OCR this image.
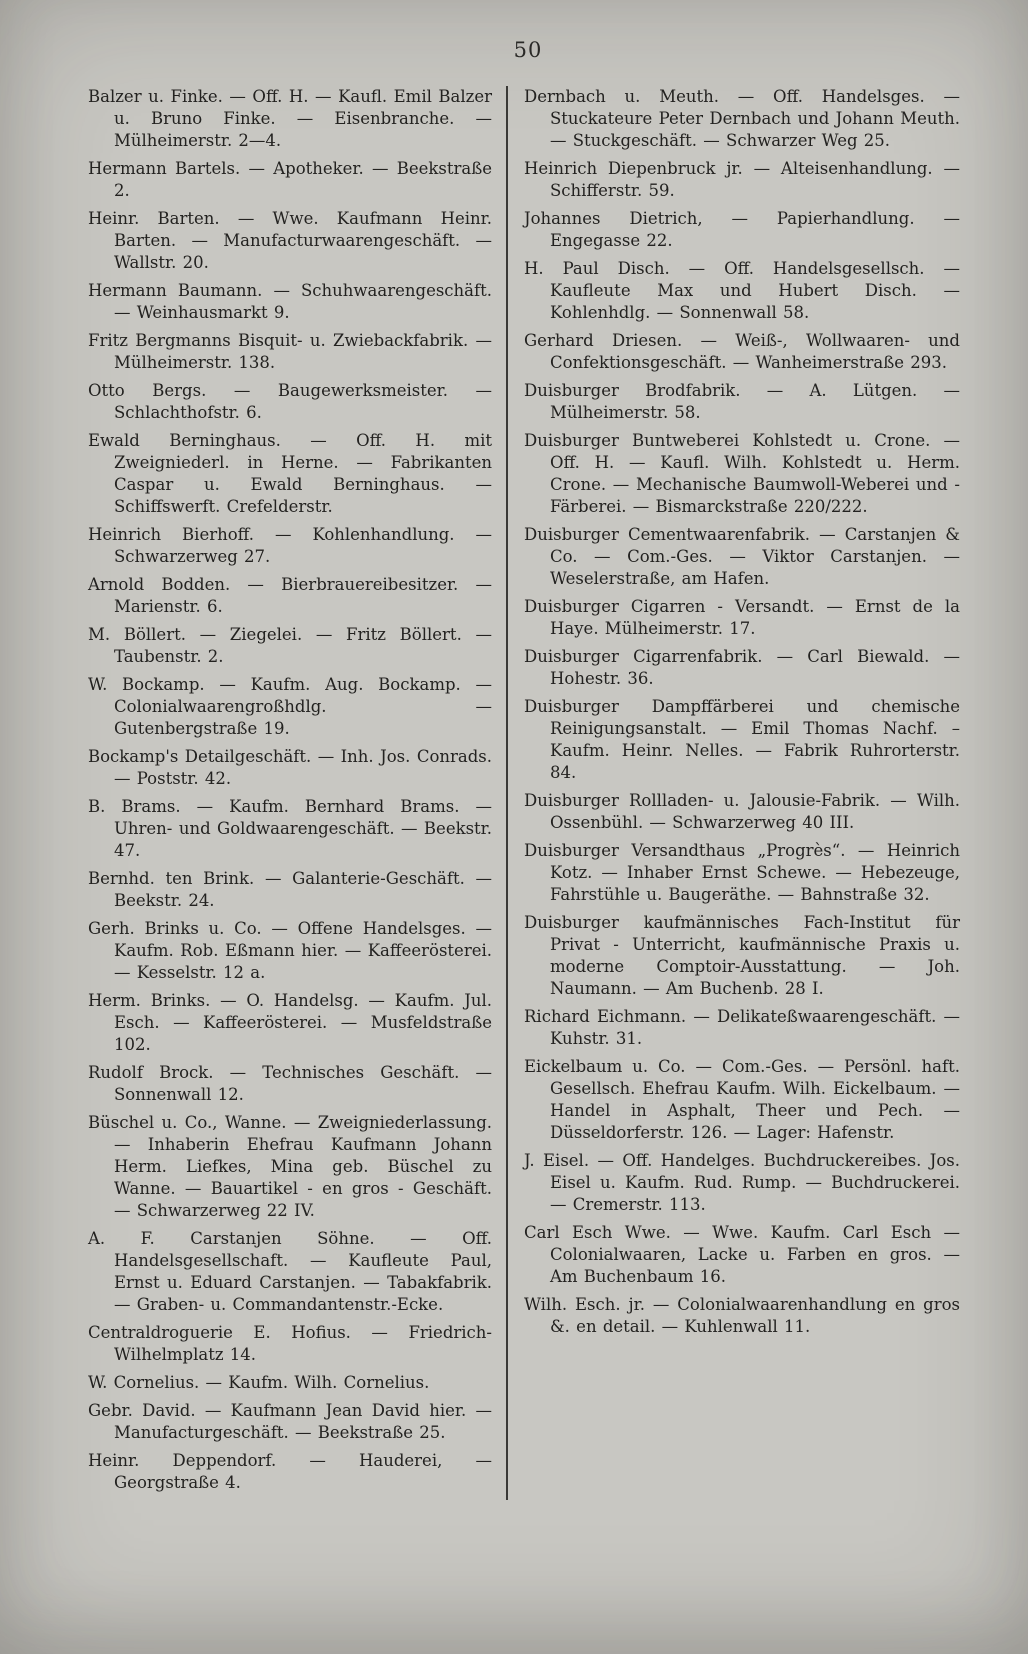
50

Balzer u. Finke. — Off. H. — Kaufl. Emil Balzer u. Bruno Finke. — Eisenbranche. — Mülheimerstr. 2—4.

Hermann Bartels. — Apotheker. — Beekstraße 2.

Heinr. Barten. — Wwe. Kaufmann Heinr. Barten. — Manufacturwaarengeschäft. — Wallstr. 20.

Hermann Baumann. — Schuhwaarengeschäft. — Weinhausmarkt 9.

Fritz Bergmanns Bisquit- u. Zwiebackfabrik. — Mülheimerstr. 138.

Otto Bergs. — Baugewerksmeister. — Schlachthofstr. 6.

Ewald Berninghaus. — Off. H. mit Zweigniederl. in Herne. — Fabrikanten Caspar u. Ewald Berninghaus. — Schiffswerft. Crefelderstr.

Heinrich Bierhoff. — Kohlenhandlung. — Schwarzerweg 27.

Arnold Bodden. — Bierbrauereibesitzer. — Marienstr. 6.

M. Böllert. — Ziegelei. — Fritz Böllert. — Taubenstr. 2.

W. Bockamp. — Kaufm. Aug. Bockamp. — Colonialwaarengroßhdlg. — Gutenbergstraße 19.

Bockamp's Detailgeschäft. — Inh. Jos. Conrads. — Poststr. 42.

B. Brams. — Kaufm. Bernhard Brams. — Uhren- und Goldwaarengeschäft. — Beekstr. 47.

Bernhd. ten Brink. — Galanterie-Geschäft. — Beekstr. 24.

Gerh. Brinks u. Co. — Offene Handelsges. — Kaufm. Rob. Eßmann hier. — Kaffeerösterei. — Kesselstr. 12 a.

Herm. Brinks. — O. Handelsg. — Kaufm. Jul. Esch. — Kaffeerösterei. — Musfeldstraße 102.

Rudolf Brock. — Technisches Geschäft. — Sonnenwall 12.

Büschel u. Co., Wanne. — Zweigniederlassung. — Inhaberin Ehefrau Kaufmann Johann Herm. Liefkes, Mina geb. Büschel zu Wanne. — Bauartikel - en gros - Geschäft. — Schwarzerweg 22 IV.

A. F. Carstanjen Söhne. — Off. Handelsgesellschaft. — Kaufleute Paul, Ernst u. Eduard Carstanjen. — Tabakfabrik. — Graben- u. Commandantenstr.-Ecke.

Centraldroguerie E. Hofius. — Friedrich-Wilhelmplatz 14.

W. Cornelius. — Kaufm. Wilh. Cornelius.

Gebr. David. — Kaufmann Jean David hier. — Manufacturgeschäft. — Beekstraße 25.

Heinr. Deppendorf. — Hauderei, — Georgstraße 4.

Dernbach u. Meuth. — Off. Handelsges. — Stuckateure Peter Dernbach und Johann Meuth. — Stuckgeschäft. — Schwarzer Weg 25.

Heinrich Diepenbruck jr. — Alteisenhandlung. — Schifferstr. 59.

Johannes Dietrich, — Papierhandlung. — Engegasse 22.

H. Paul Disch. — Off. Handelsgesellsch. — Kaufleute Max und Hubert Disch. — Kohlenhdlg. — Sonnenwall 58.

Gerhard Driesen. — Weiß-, Wollwaaren- und Confektionsgeschäft. — Wanheimerstraße 293.

Duisburger Brodfabrik. — A. Lütgen. — Mülheimerstr. 58.

Duisburger Buntweberei Kohlstedt u. Crone. — Off. H. — Kaufl. Wilh. Kohlstedt u. Herm. Crone. — Mechanische Baumwoll-Weberei und -Färberei. — Bismarckstraße 220/222.

Duisburger Cementwaarenfabrik. — Carstanjen & Co. — Com.-Ges. — Viktor Carstanjen. — Weselerstraße, am Hafen.

Duisburger Cigarren - Versandt. — Ernst de la Haye. Mülheimerstr. 17.

Duisburger Cigarrenfabrik. — Carl Biewald. — Hohestr. 36.

Duisburger Dampffärberei und chemische Reinigungsanstalt. — Emil Thomas Nachf. – Kaufm. Heinr. Nelles. — Fabrik Ruhrorterstr. 84.

Duisburger Rollladen- u. Jalousie-Fabrik. — Wilh. Ossenbühl. — Schwarzerweg 40 III.

Duisburger Versandthaus „Progrès“. — Heinrich Kotz. — Inhaber Ernst Schewe. — Hebezeuge, Fahrstühle u. Baugeräthe. — Bahnstraße 32.

Duisburger kaufmännisches Fach-Institut für Privat - Unterricht, kaufmännische Praxis u. moderne Comptoir-Ausstattung. — Joh. Naumann. — Am Buchenb. 28 I.

Richard Eichmann. — Delikateßwaarengeschäft. — Kuhstr. 31.

Eickelbaum u. Co. — Com.-Ges. — Persönl. haft. Gesellsch. Ehefrau Kaufm. Wilh. Eickelbaum. — Handel in Asphalt, Theer und Pech. — Düsseldorferstr. 126. — Lager: Hafenstr.

J. Eisel. — Off. Handelges. Buchdruckereibes. Jos. Eisel u. Kaufm. Rud. Rump. — Buchdruckerei. — Cremerstr. 113.

Carl Esch Wwe. — Wwe. Kaufm. Carl Esch — Colonialwaaren, Lacke u. Farben en gros. — Am Buchenbaum 16.

Wilh. Esch. jr. — Colonialwaarenhandlung en gros &. en detail. — Kuhlenwall 11.
